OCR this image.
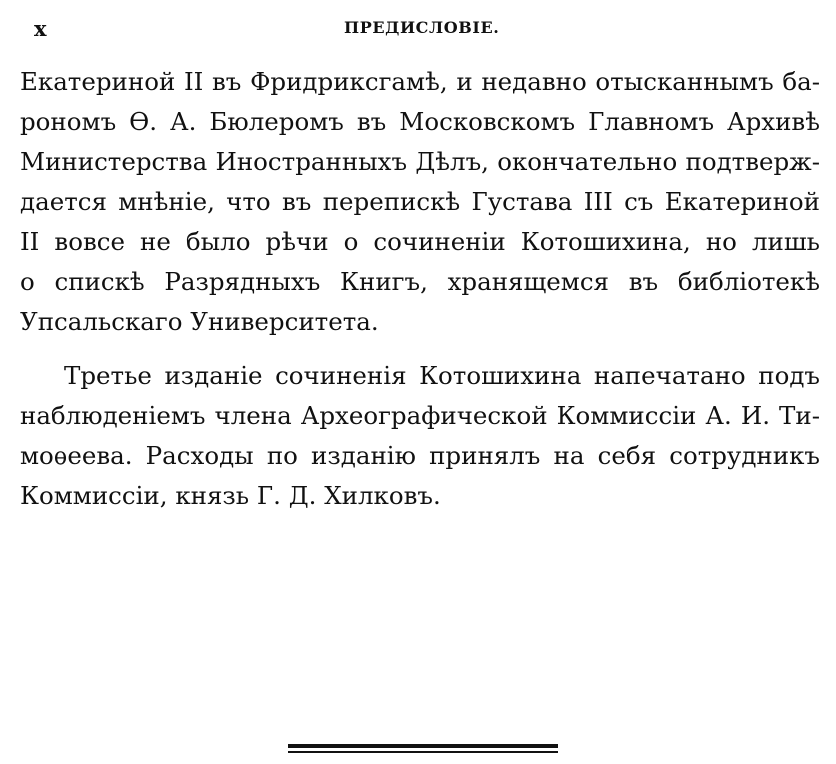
x	ПРЕДИСЛОВІЕ.
Екатериной II въ Фридриксгамѣ, и недавно отысканнымъ ба-
рономъ Ѳ. А. Бюлеромъ въ Московскомъ Главномъ Архивѣ
Министерства Иностранныхъ Дѣлъ, окончательно подтверж-
дается мнѣніе, что въ перепискѣ Густава III съ Екатериной
II вовсе не было рѣчи о сочиненіи Котошихина, но лишь
о спискѣ Разрядныхъ Книгъ, хранящемся въ библіотекѣ
Упсальскаго Университета.
Третье изданіе сочиненія Котошихина напечатано подъ
наблюденіемъ члена Археографической Коммиссіи А. И. Ти-
моѳеева. Расходы по изданію принялъ на себя сотрудникъ
Коммиссіи, князь Г. Д. Хилковъ.
